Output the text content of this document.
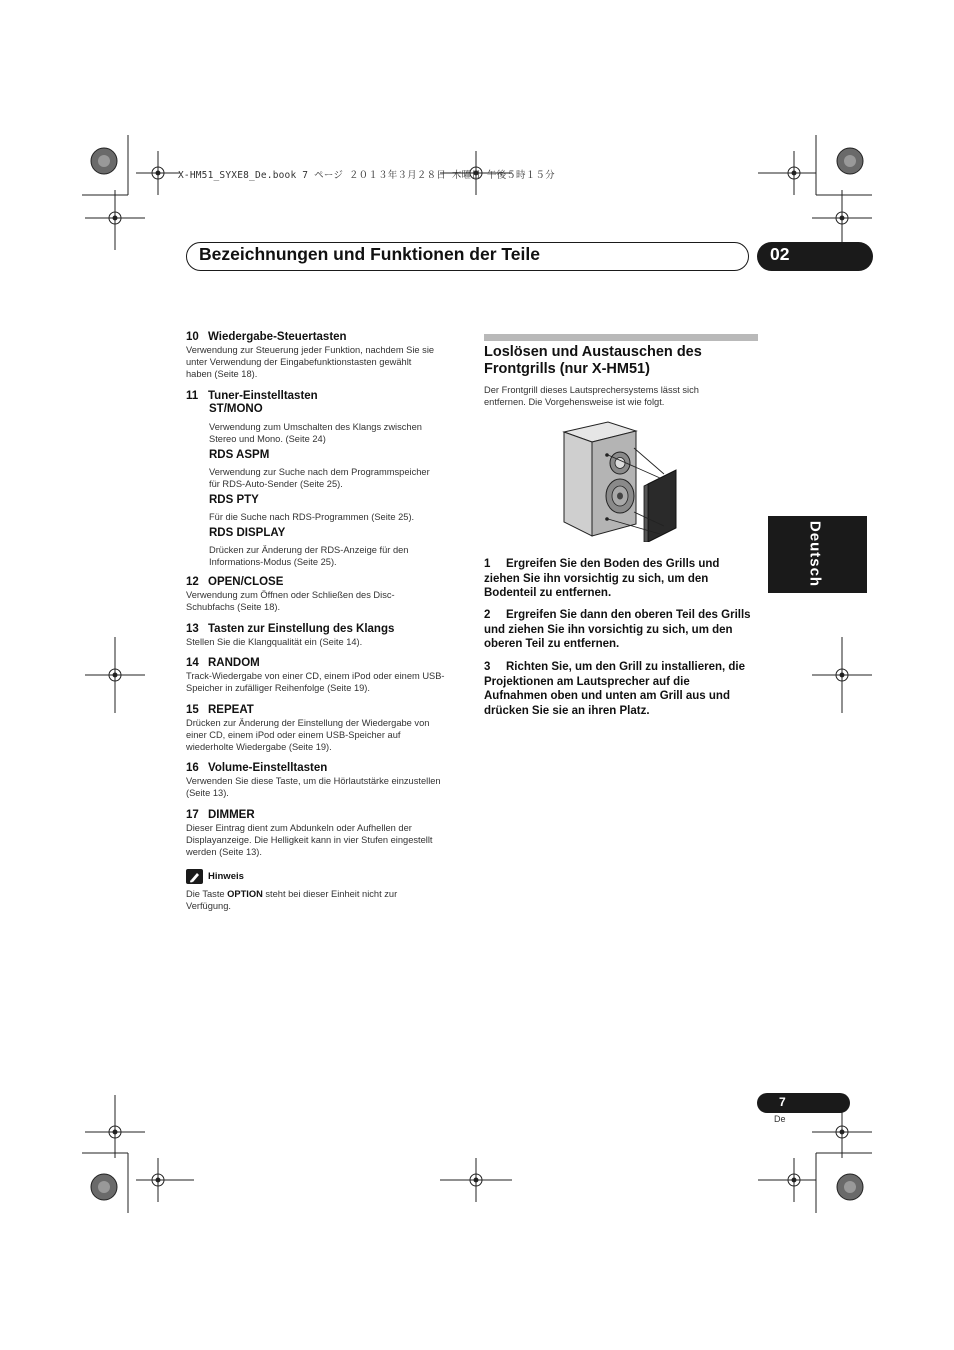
X-HM51_SYXE8_De.book 7 ページ ２０１３年３月２８日 木曜日 午後５時１５分
Bezeichnungen und Funktionen der Teile	02
Deutsch
10 Wiedergabe-Steuertasten
Verwendung zur Steuerung jeder Funktion, nachdem Sie sie
unter Verwendung der Eingabefunktionstasten gewählt
haben (Seite 18).
11 Tuner-Einstelltasten
ST/MONO
Verwendung zum Umschalten des Klangs zwischen
Stereo und Mono. (Seite 24)
RDS ASPM
Verwendung zur Suche nach dem Programmspeicher
für RDS-Auto-Sender (Seite 25).
RDS PTY
Für die Suche nach RDS-Programmen (Seite 25).
RDS DISPLAY
Drücken zur Änderung der RDS-Anzeige für den
Informations-Modus (Seite 25).
12 OPEN/CLOSE
Verwendung zum Öffnen oder Schließen des Disc-
Schubfachs (Seite 18).
13 Tasten zur Einstellung des Klangs
Stellen Sie die Klangqualität ein (Seite 14).
14 RANDOM
Track-Wiedergabe von einer CD, einem iPod oder einem USB-
Speicher in zufälliger Reihenfolge (Seite 19).
15 REPEAT
Drücken zur Änderung der Einstellung der Wiedergabe von
einer CD, einem iPod oder einem USB-Speicher auf
wiederholte Wiedergabe (Seite 19).
16 Volume-Einstelltasten
Verwenden Sie diese Taste, um die Hörlautstärke einzustellen
(Seite 13).
17 DIMMER
Dieser Eintrag dient zum Abdunkeln oder Aufhellen der
Displayanzeige. Die Helligkeit kann in vier Stufen eingestellt
werden (Seite 13).
Hinweis
Die Taste OPTION steht bei dieser Einheit nicht zur
Verfügung.
Loslösen und Austauschen des
Frontgrills (nur X-HM51)
Der Frontgrill dieses Lautsprechersystems lässt sich
entfernen. Die Vorgehensweise ist wie folgt.
1 Ergreifen Sie den Boden des Grills und
ziehen Sie ihn vorsichtig zu sich, um den
Bodenteil zu entfernen.
2 Ergreifen Sie dann den oberen Teil des Grills
und ziehen Sie ihn vorsichtig zu sich, um den
oberen Teil zu entfernen.
3 Richten Sie, um den Grill zu installieren, die
Projektionen am Lautsprecher auf die
Aufnahmen oben und unten am Grill aus und
drücken Sie sie an ihren Platz.
7
De
